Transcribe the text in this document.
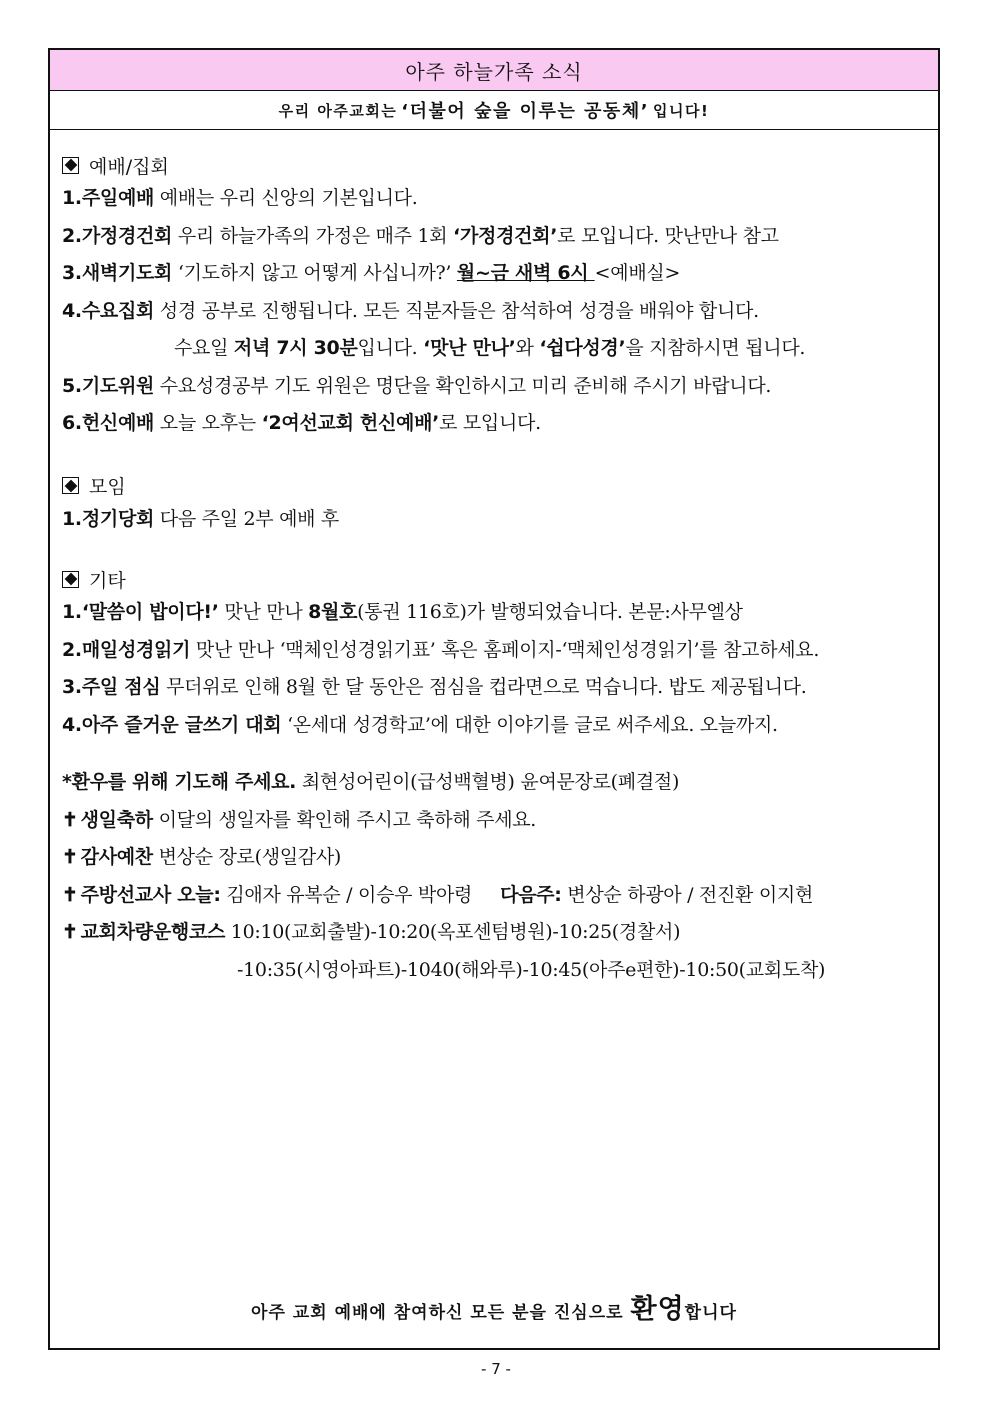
아주 하늘가족 소식
우리 아주교회는 ‘더불어 숲을 이루는 공동체’ 입니다!
예배/집회
1.주일예배 예배는 우리 신앙의 기본입니다.
2.가정경건회 우리 하늘가족의 가정은 매주 1회 ‘가정경건회’로 모입니다. 맛난만나 참고
3.새벽기도회 ‘기도하지 않고 어떻게 사십니까?’ 월~금 새벽 6시 <예배실>
4.수요집회 성경 공부로 진행됩니다. 모든 직분자들은 참석하여 성경을 배워야 합니다.
수요일 저녁 7시 30분입니다. ‘맛난 만나’와 ‘쉽다성경’을 지참하시면 됩니다.
5.기도위원 수요성경공부 기도 위원은 명단을 확인하시고 미리 준비해 주시기 바랍니다.
6.헌신예배 오늘 오후는 ‘2여선교회 헌신예배’로 모입니다.
모임
1.정기당회 다음 주일 2부 예배 후
기타
1.‘말씀이 밥이다!’ 맛난 만나 8월호(통권 116호)가 발행되었습니다. 본문:사무엘상
2.매일성경읽기 맛난 만나 ‘맥체인성경읽기표’ 혹은 홈페이지-‘맥체인성경읽기’를 참고하세요.
3.주일 점심 무더위로 인해 8월 한 달 동안은 점심을 컵라면으로 먹습니다. 밥도 제공됩니다.
4.아주 즐거운 글쓰기 대회 ‘온세대 성경학교’에 대한 이야기를 글로 써주세요. 오늘까지.
*환우를 위해 기도해 주세요. 최현성어린이(급성백혈병) 윤여문장로(폐결절)
✝ 생일축하 이달의 생일자를 확인해 주시고 축하해 주세요.
✝ 감사예찬 변상순 장로(생일감사)
✝ 주방선교사 오늘: 김애자 유복순 / 이승우 박아령 다음주: 변상순 하광아 / 전진환 이지현
✝ 교회차량운행코스 10:10(교회출발)-10:20(옥포센텀병원)-10:25(경찰서)
-10:35(시영아파트)-1040(해와루)-10:45(아주e편한)-10:50(교회도착)
아주 교회 예배에 참여하신 모든 분을 진심으로 환영합니다
- 7 -
